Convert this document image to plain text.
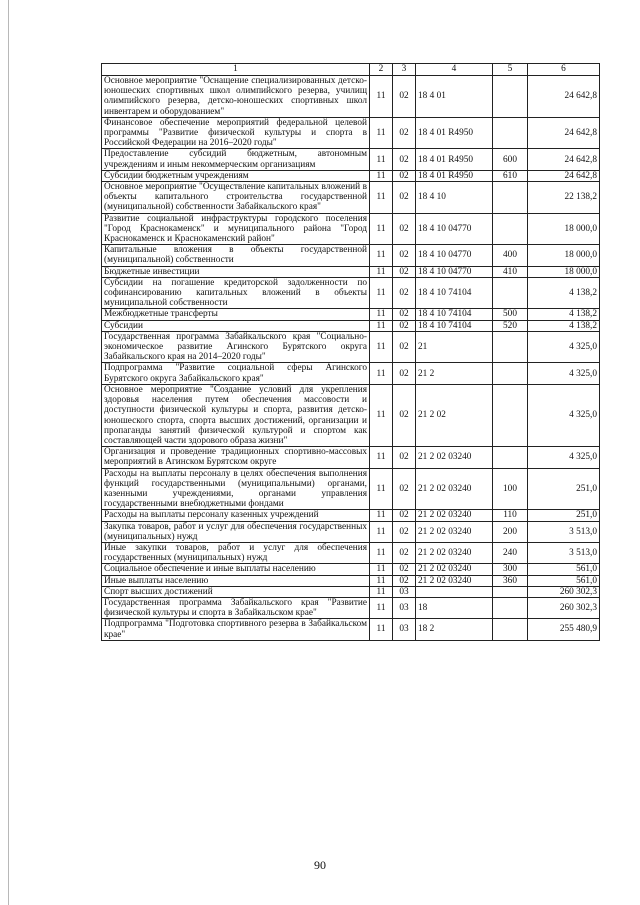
1	2	3	4	5	6
Основное мероприятие "Оснащение специализированных детско-юношеских спортивных школ олимпийского резерва, училищ олимпийского резерва, детско-юношеских спортивных школ инвентарем и оборудованием"	11	02	18 4 01		24 642,8
Финансовое обеспечение мероприятий федеральной целевой программы "Развитие физической культуры и спорта в Российской Федерации на 2016–2020 годы"	11	02	18 4 01 R4950		24 642,8
Предоставление субсидий бюджетным, автономным учреждениям и иным некоммерческим организациям	11	02	18 4 01 R4950	600	24 642,8
Субсидии бюджетным учреждениям	11	02	18 4 01 R4950	610	24 642,8
Основное мероприятие "Осуществление капитальных вложений в объекты капитального строительства государственной (муниципальной) собственности Забайкальского края"	11	02	18 4 10		22 138,2
Развитие социальной инфраструктуры городского поселения "Город Краснокаменск" и муниципального района "Город Краснокаменск и Краснокаменский район"	11	02	18 4 10 04770		18 000,0
Капитальные вложения в объекты государственной (муниципальной) собственности	11	02	18 4 10 04770	400	18 000,0
Бюджетные инвестиции	11	02	18 4 10 04770	410	18 000,0
Субсидии на погашение кредиторской задолженности по софинансированию капитальных вложений в объекты муниципальной собственности	11	02	18 4 10 74104		4 138,2
Межбюджетные трансферты	11	02	18 4 10 74104	500	4 138,2
Субсидии	11	02	18 4 10 74104	520	4 138,2
Государственная программа Забайкальского края "Социально-экономическое развитие Агинского Бурятского округа Забайкальского края на 2014–2020 годы"	11	02	21		4 325,0
Подпрограмма "Развитие социальной сферы Агинского Бурятского округа Забайкальского края"	11	02	21 2		4 325,0
Основное мероприятие "Создание условий для укрепления здоровья населения путем обеспечения массовости и доступности физической культуры и спорта, развития детско-юношеского спорта, спорта высших достижений, организации и пропаганды занятий физической культурой и спортом как составляющей части здорового образа жизни"	11	02	21 2 02		4 325,0
Организация и проведение традиционных спортивно-массовых мероприятий в Агинском Бурятском округе	11	02	21 2 02 03240		4 325,0
Расходы на выплаты персоналу в целях обеспечения выполнения функций государственными (муниципальными) органами, казенными учреждениями, органами управления государственными внебюджетными фондами	11	02	21 2 02 03240	100	251,0
Расходы на выплаты персоналу казенных учреждений	11	02	21 2 02 03240	110	251,0
Закупка товаров, работ и услуг для обеспечения государственных (муниципальных) нужд	11	02	21 2 02 03240	200	3 513,0
Иные закупки товаров, работ и услуг для обеспечения государственных (муниципальных) нужд	11	02	21 2 02 03240	240	3 513,0
Социальное обеспечение и иные выплаты населению	11	02	21 2 02 03240	300	561,0
Иные выплаты населению	11	02	21 2 02 03240	360	561,0
Спорт высших достижений	11	03			260 302,3
Государственная программа Забайкальского края "Развитие физической культуры и спорта в Забайкальском крае"	11	03	18		260 302,3
Подпрограмма "Подготовка спортивного резерва в Забайкальском крае"	11	03	18 2		255 480,9
90
